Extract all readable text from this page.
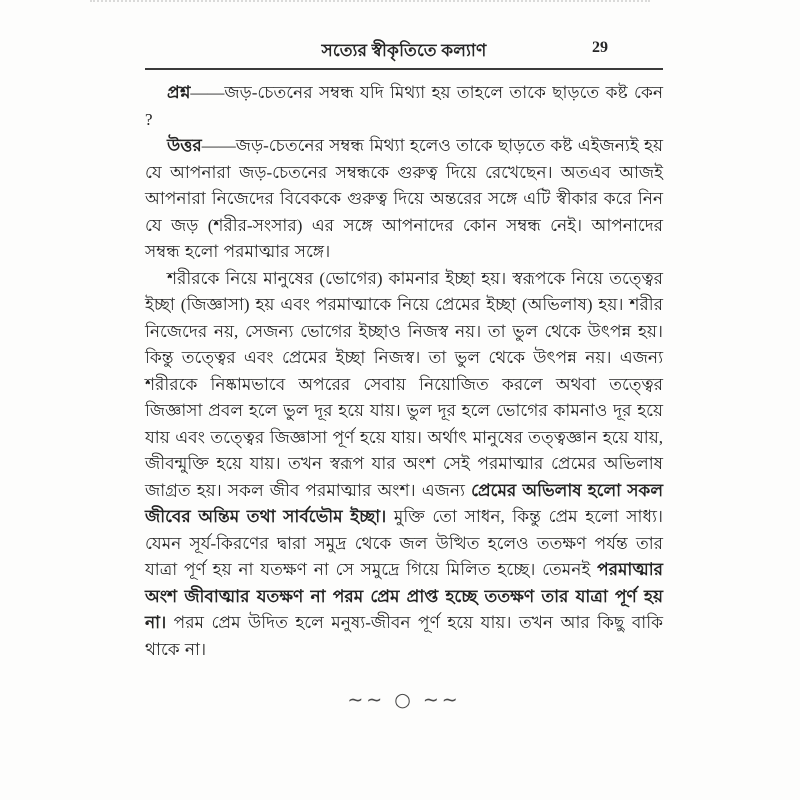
সত্যের স্বীকৃতিতে কল্যাণ	29

প্রশ্ন——জড়-চেতনের সম্বন্ধ যদি মিথ্যা হয় তাহলে তাকে ছাড়তে কষ্ট কেন ?

উত্তর——জড়-চেতনের সম্বন্ধ মিথ্যা হলেও তাকে ছাড়তে কষ্ট এইজন্যই হয় যে আপনারা জড়-চেতনের সম্বন্ধকে গুরুত্ব দিয়ে রেখেছেন। অতএব আজই আপনারা নিজেদের বিবেককে গুরুত্ব দিয়ে অন্তরের সঙ্গে এটি স্বীকার করে নিন যে জড় (শরীর-সংসার) এর সঙ্গে আপনাদের কোন সম্বন্ধ নেই। আপনাদের সম্বন্ধ হলো পরমাত্মার সঙ্গে।

শরীরকে নিয়ে মানুষের (ভোগের) কামনার ইচ্ছা হয়। স্বরূপকে নিয়ে তত্ত্বের ইচ্ছা (জিজ্ঞাসা) হয় এবং পরমাত্মাকে নিয়ে প্রেমের ইচ্ছা (অভিলাষ) হয়। শরীর নিজেদের নয়, সেজন্য ভোগের ইচ্ছাও নিজস্ব নয়। তা ভুল থেকে উৎপন্ন হয়। কিন্তু তত্ত্বের এবং প্রেমের ইচ্ছা নিজস্ব। তা ভুল থেকে উৎপন্ন নয়। এজন্য শরীরকে নিষ্কামভাবে অপরের সেবায় নিয়োজিত করলে অথবা তত্ত্বের জিজ্ঞাসা প্রবল হলে ভুল দূর হয়ে যায়। ভুল দূর হলে ভোগের কামনাও দূর হয়ে যায় এবং তত্ত্বের জিজ্ঞাসা পূর্ণ হয়ে যায়। অর্থাৎ মানুষের তত্ত্বজ্ঞান হয়ে যায়, জীবন্মুক্তি হয়ে যায়। তখন স্বরূপ যার অংশ সেই পরমাত্মার প্রেমের অভিলাষ জাগ্রত হয়। সকল জীব পরমাত্মার অংশ। এজন্য প্রেমের অভিলাষ হলো সকল জীবের অন্তিম তথা সার্বভৌম ইচ্ছা। মুক্তি তো সাধন, কিন্তু প্রেম হলো সাধ্য। যেমন সূর্য-কিরণের দ্বারা সমুদ্র থেকে জল উত্থিত হলেও ততক্ষণ পর্যন্ত তার যাত্রা পূর্ণ হয় না যতক্ষণ না সে সমুদ্রে গিয়ে মিলিত হচ্ছে। তেমনই পরমাত্মার অংশ জীবাত্মার যতক্ষণ না পরম প্রেম প্রাপ্ত হচ্ছে ততক্ষণ তার যাত্রা পূর্ণ হয় না। পরম প্রেম উদিত হলে মনুষ্য-জীবন পূর্ণ হয়ে যায়। তখন আর কিছু বাকি থাকে না।

∼∼ ○ ∼∼
